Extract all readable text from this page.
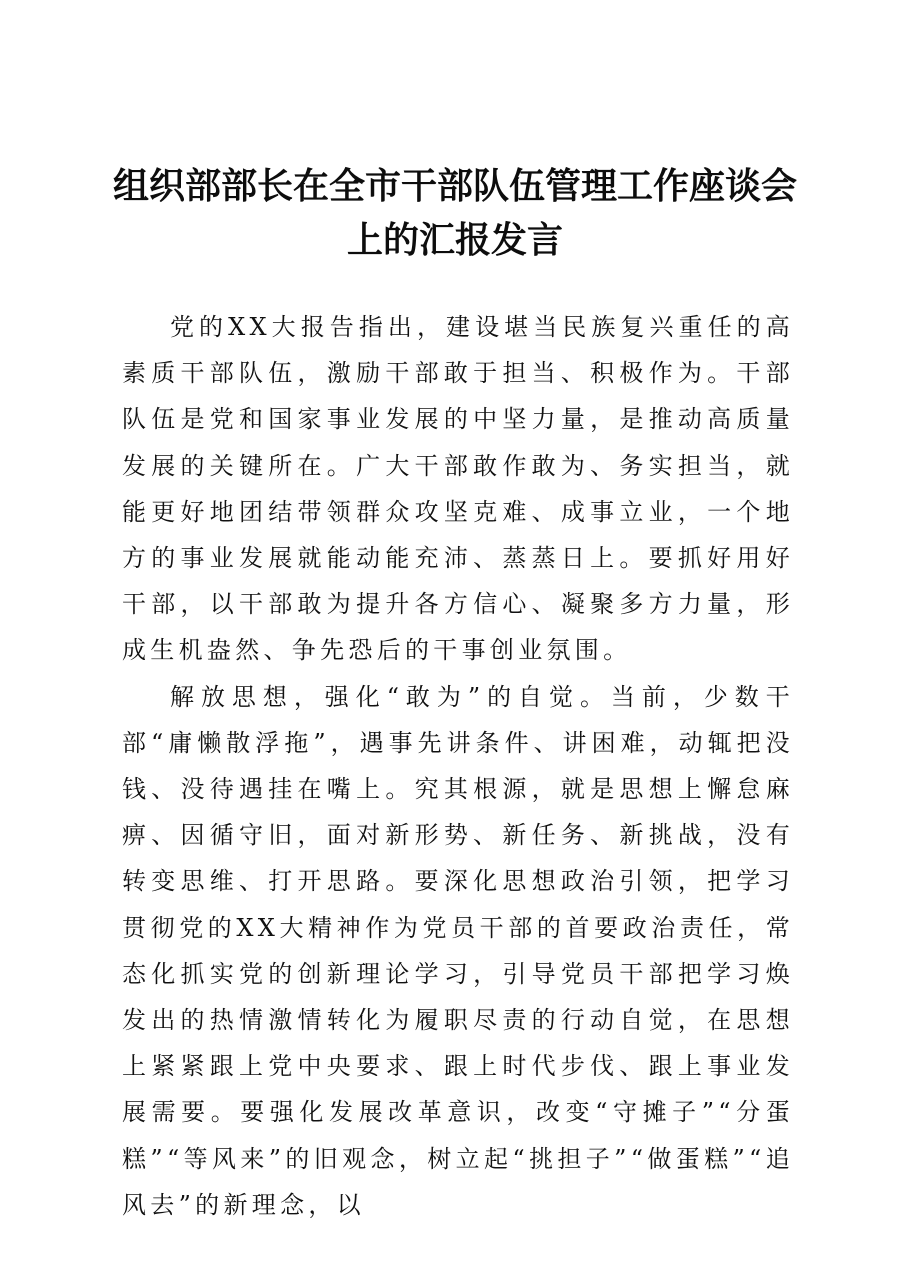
组织部部长在全市干部队伍管理工作座谈会上的汇报发言

党的XX大报告指出，建设堪当民族复兴重任的高素质干部队伍，激励干部敢于担当、积极作为。干部队伍是党和国家事业发展的中坚力量，是推动高质量发展的关键所在。广大干部敢作敢为、务实担当，就能更好地团结带领群众攻坚克难、成事立业，一个地方的事业发展就能动能充沛、蒸蒸日上。要抓好用好干部，以干部敢为提升各方信心、凝聚多方力量，形成生机盎然、争先恐后的干事创业氛围。

解放思想，强化“敢为”的自觉。当前，少数干部“庸懒散浮拖”，遇事先讲条件、讲困难，动辄把没钱、没待遇挂在嘴上。究其根源，就是思想上懈怠麻痹、因循守旧，面对新形势、新任务、新挑战，没有转变思维、打开思路。要深化思想政治引领，把学习贯彻党的XX大精神作为党员干部的首要政治责任，常态化抓实党的创新理论学习，引导党员干部把学习焕发出的热情激情转化为履职尽责的行动自觉，在思想上紧紧跟上党中央要求、跟上时代步伐、跟上事业发展需要。要强化发展改革意识，改变“守摊子”“分蛋糕”“等风来”的旧观念，树立起“挑担子”“做蛋糕”“追风去”的新理念，以
